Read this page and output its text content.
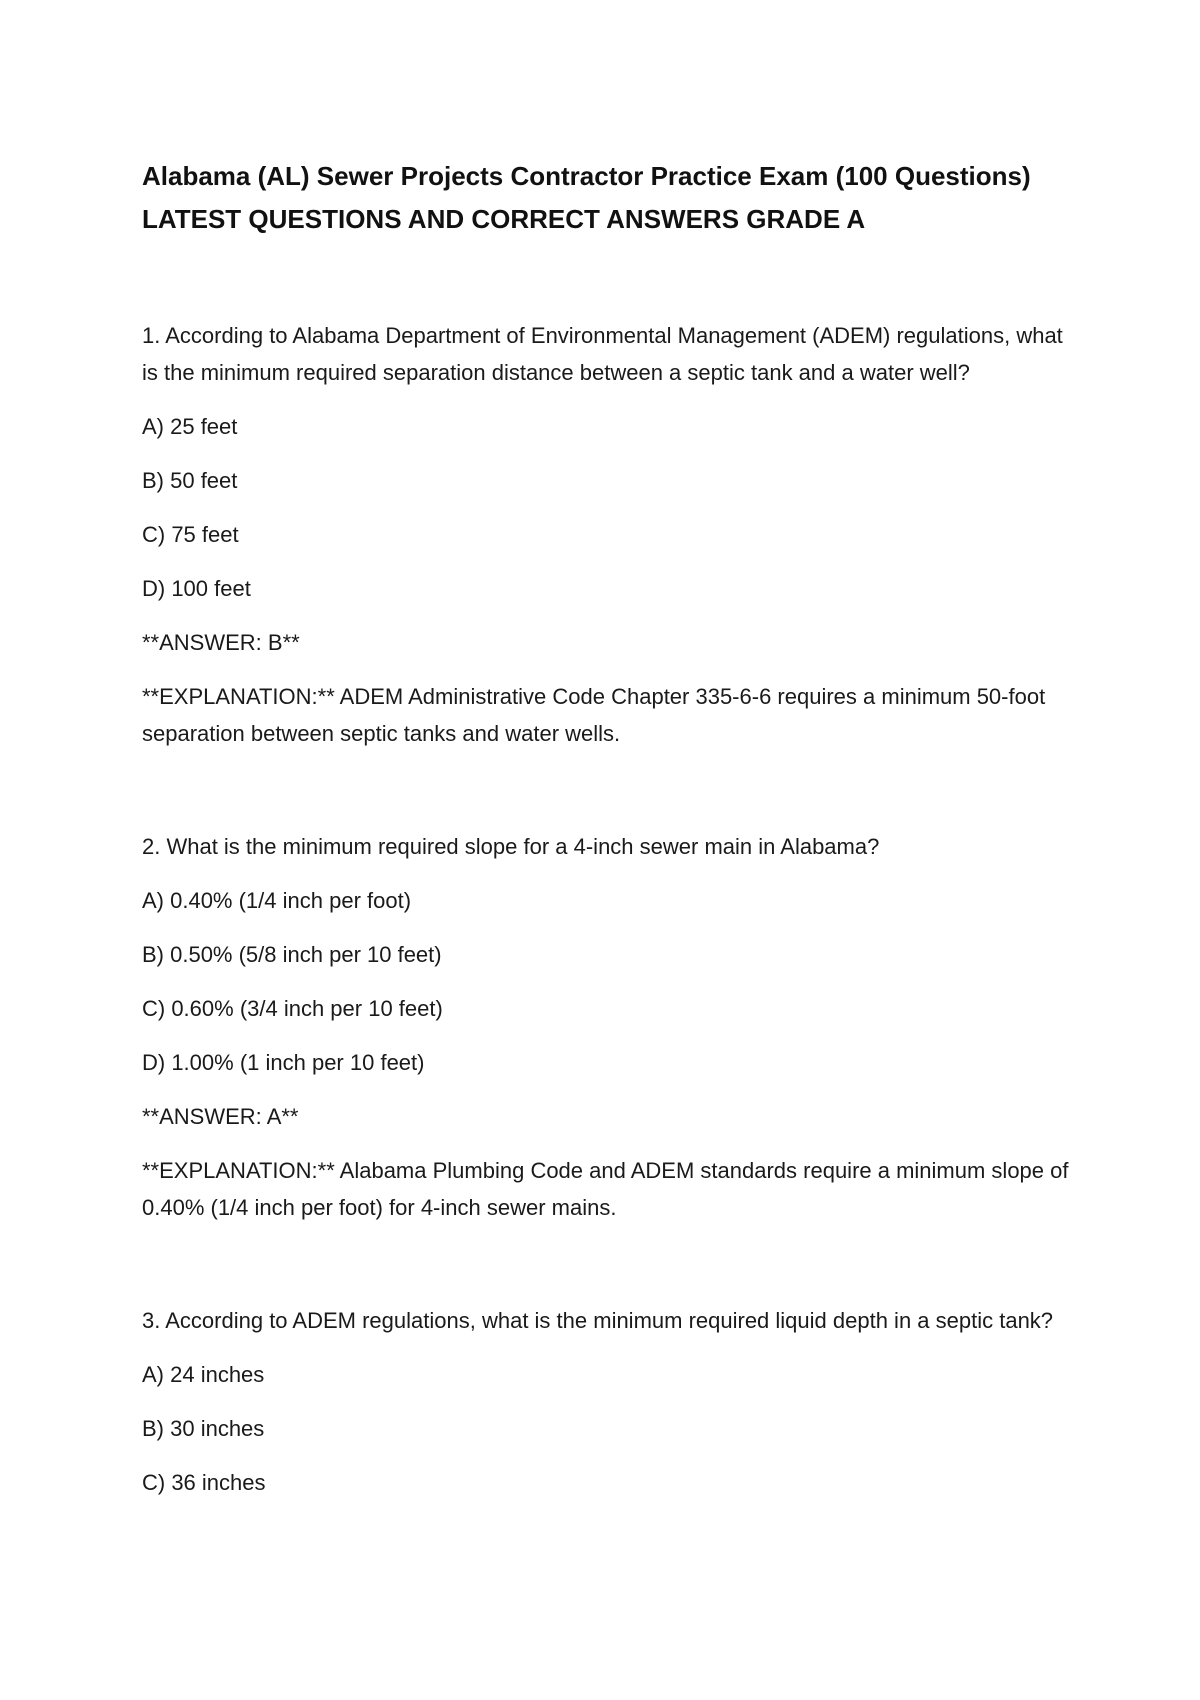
Alabama (AL) Sewer Projects Contractor Practice Exam (100 Questions)
LATEST QUESTIONS AND CORRECT ANSWERS GRADE A

1. According to Alabama Department of Environmental Management (ADEM) regulations, what is the minimum required separation distance between a septic tank and a water well?

A) 25 feet

B) 50 feet

C) 75 feet

D) 100 feet

**ANSWER: B**

**EXPLANATION:** ADEM Administrative Code Chapter 335-6-6 requires a minimum 50-foot separation between septic tanks and water wells.

2. What is the minimum required slope for a 4-inch sewer main in Alabama?

A) 0.40% (1/4 inch per foot)

B) 0.50% (5/8 inch per 10 feet)

C) 0.60% (3/4 inch per 10 feet)

D) 1.00% (1 inch per 10 feet)

**ANSWER: A**

**EXPLANATION:** Alabama Plumbing Code and ADEM standards require a minimum slope of 0.40% (1/4 inch per foot) for 4-inch sewer mains.

3. According to ADEM regulations, what is the minimum required liquid depth in a septic tank?

A) 24 inches

B) 30 inches

C) 36 inches
